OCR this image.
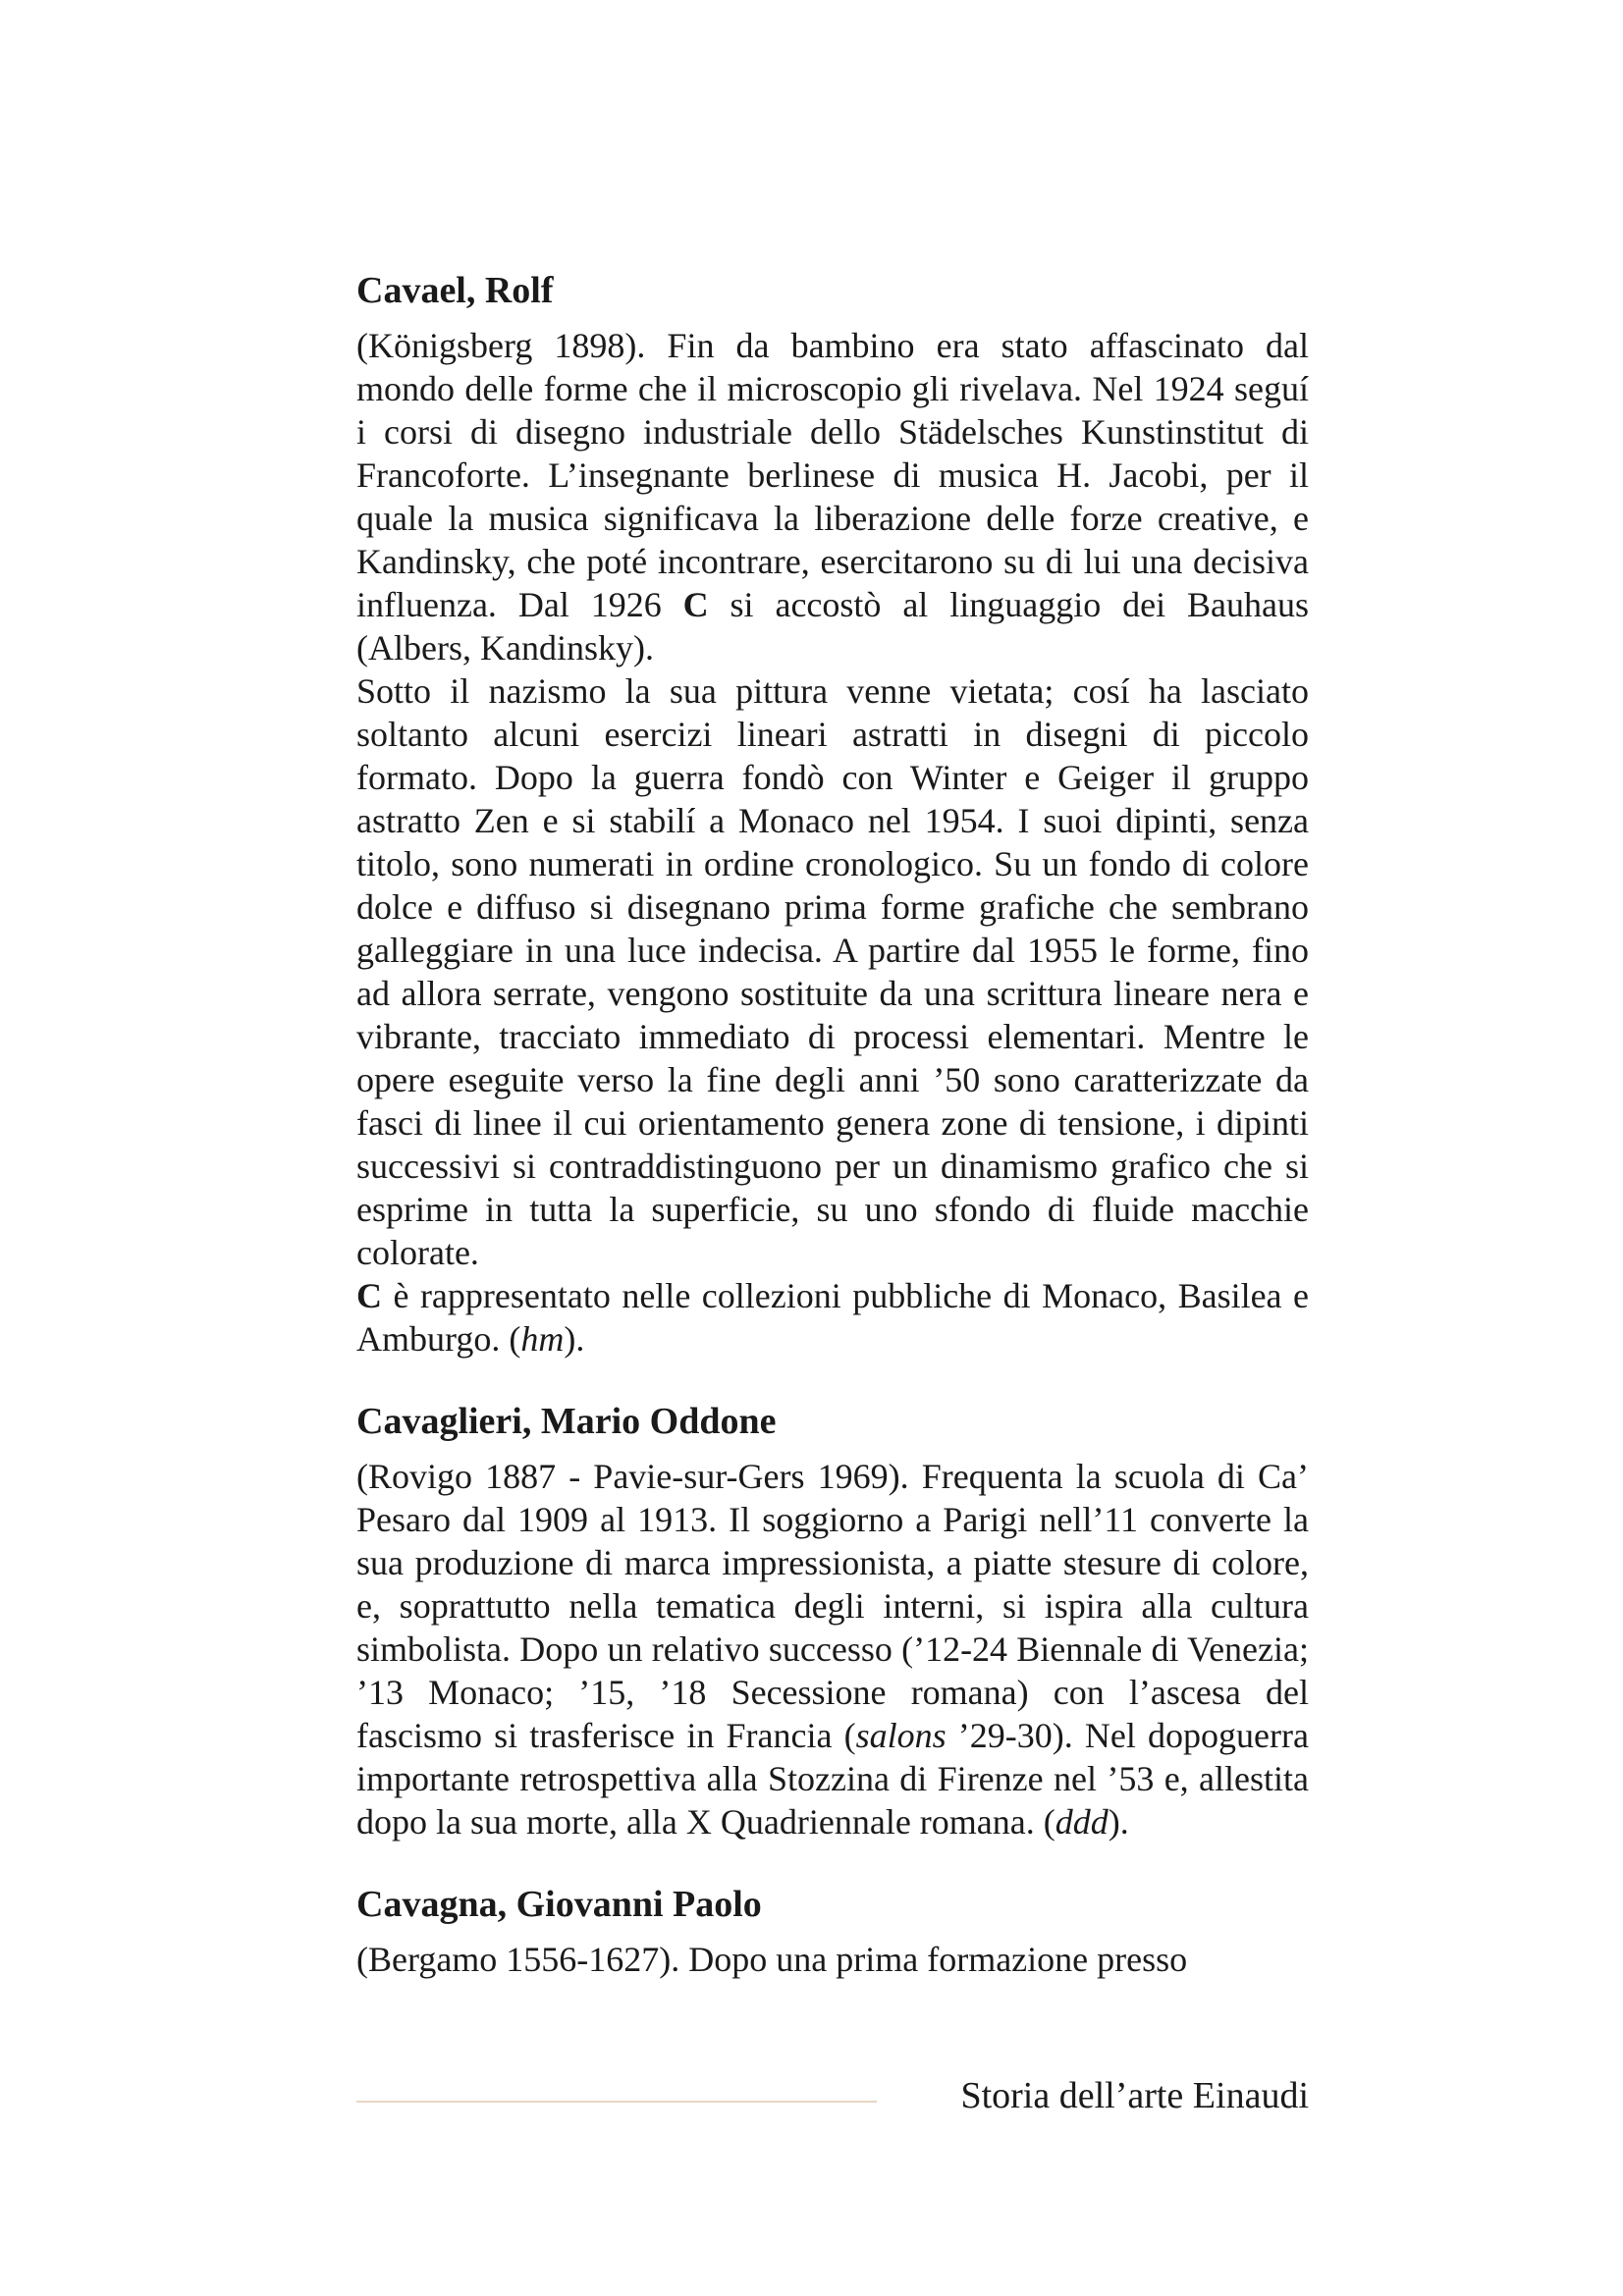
Cavael, Rolf

(Königsberg 1898). Fin da bambino era stato affascinato dal mondo delle forme che il microscopio gli rivelava. Nel 1924 seguí i corsi di disegno industriale dello Städelsches Kunstinstitut di Francoforte. L’insegnante berlinese di musica H. Jacobi, per il quale la musica significava la liberazione delle forze creative, e Kandinsky, che poté incontrare, esercitarono su di lui una decisiva influenza. Dal 1926 C si accostò al linguaggio dei Bauhaus (Albers, Kandinsky).

Sotto il nazismo la sua pittura venne vietata; cosí ha lasciato soltanto alcuni esercizi lineari astratti in disegni di piccolo formato. Dopo la guerra fondò con Winter e Geiger il gruppo astratto Zen e si stabilí a Monaco nel 1954. I suoi dipinti, senza titolo, sono numerati in ordine cronologico. Su un fondo di colore dolce e diffuso si disegnano prima forme grafiche che sembrano galleggiare in una luce indecisa. A partire dal 1955 le forme, fino ad allora serrate, vengono sostituite da una scrittura lineare nera e vibrante, tracciato immediato di processi elementari. Mentre le opere eseguite verso la fine degli anni ’50 sono caratterizzate da fasci di linee il cui orientamento genera zone di tensione, i dipinti successivi si contraddistinguono per un dinamismo grafico che si esprime in tutta la superficie, su uno sfondo di fluide macchie colorate.

C è rappresentato nelle collezioni pubbliche di Monaco, Basilea e Amburgo. (hm).

Cavaglieri, Mario Oddone

(Rovigo 1887 - Pavie-sur-Gers 1969). Frequenta la scuola di Ca’ Pesaro dal 1909 al 1913. Il soggiorno a Parigi nell’11 converte la sua produzione di marca impressionista, a piatte stesure di colore, e, soprattutto nella tematica degli interni, si ispira alla cultura simbolista. Dopo un relativo successo (’12-24 Biennale di Venezia; ’13 Monaco; ’15, ’18 Secessione romana) con l’ascesa del fascismo si trasferisce in Francia (salons ’29-30). Nel dopoguerra importante retrospettiva alla Stozzina di Firenze nel ’53 e, allestita dopo la sua morte, alla X Quadriennale romana. (ddd).

Cavagna, Giovanni Paolo

(Bergamo 1556-1627). Dopo una prima formazione presso

Storia dell’arte Einaudi
